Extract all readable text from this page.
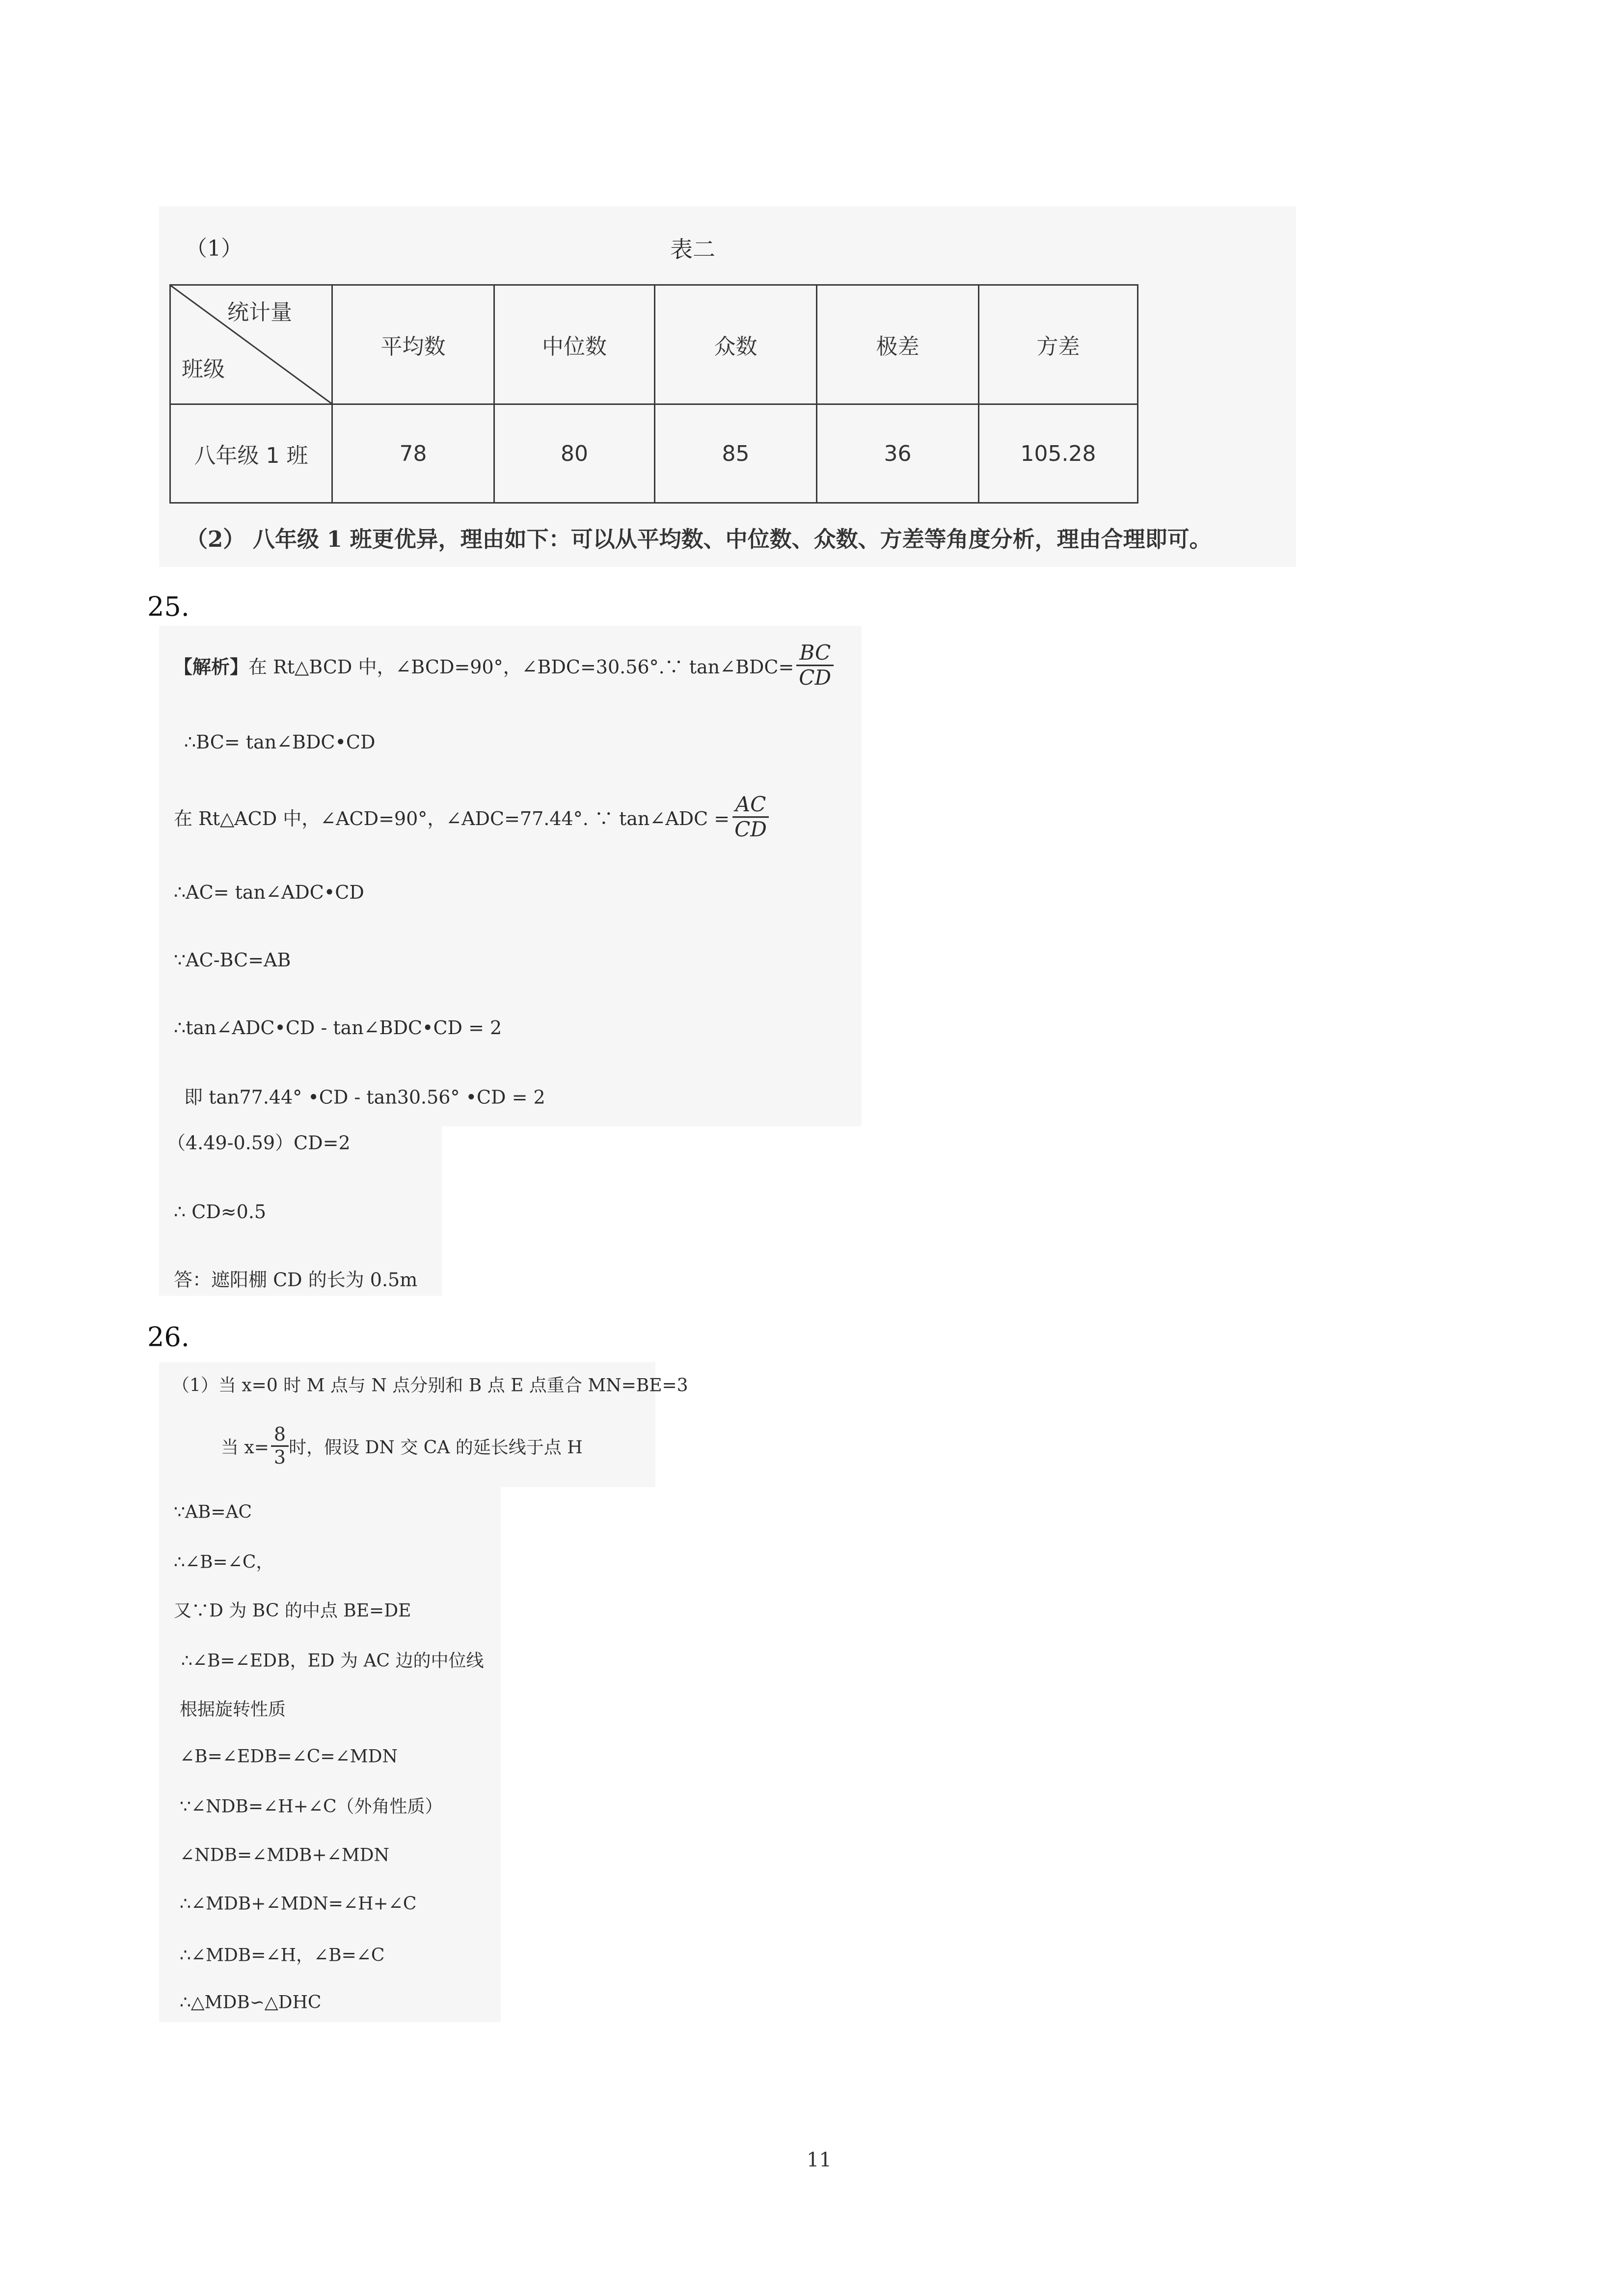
（1）	表二
统计量
班级	平均数	中位数	众数	极差	方差
八年级 1 班	78	80	85	36	105.28
（2） 八年级 1 班更优异，理由如下：可以从平均数、中位数、众数、方差等角度分析，理由合理即可。
25.
【解析】 在 Rt△BCD 中，∠BCD=90°，∠BDC=30.56°.∵ tan∠BDC= $\frac{BC}{CD}$
∴BC= tan∠BDC•CD
在 Rt△ACD 中，∠ACD=90°，∠ADC=77.44°. ∵ tan∠ADC = $\frac{AC}{CD}$
∴AC= tan∠ADC•CD
∵AC-BC=AB
∴tan∠ADC•CD - tan∠BDC•CD = 2
即 tan77.44° •CD - tan30.56° •CD = 2
（4.49-0.59）CD=2
∴ CD≈0.5
答：遮阳棚 CD 的长为 0.5m
26.
（1）当 x=0 时 M 点与 N 点分别和 B 点 E 点重合 MN=BE=3
当 $x= \frac{8}{3}$ 时，假设 DN 交 CA 的延长线于点 H
∵AB=AC
∴∠B=∠C，
又∵D 为 BC 的中点 BE=DE
∴∠B=∠EDB，ED 为 AC 边的中位线
根据旋转性质
∠B=∠EDB=∠C=∠MDN
∵∠NDB=∠H+∠C（外角性质）
∠NDB=∠MDB+∠MDN
∴∠MDB+∠MDN=∠H+∠C
∴∠MDB=∠H，∠B=∠C
∴△MDB∽△DHC
11
